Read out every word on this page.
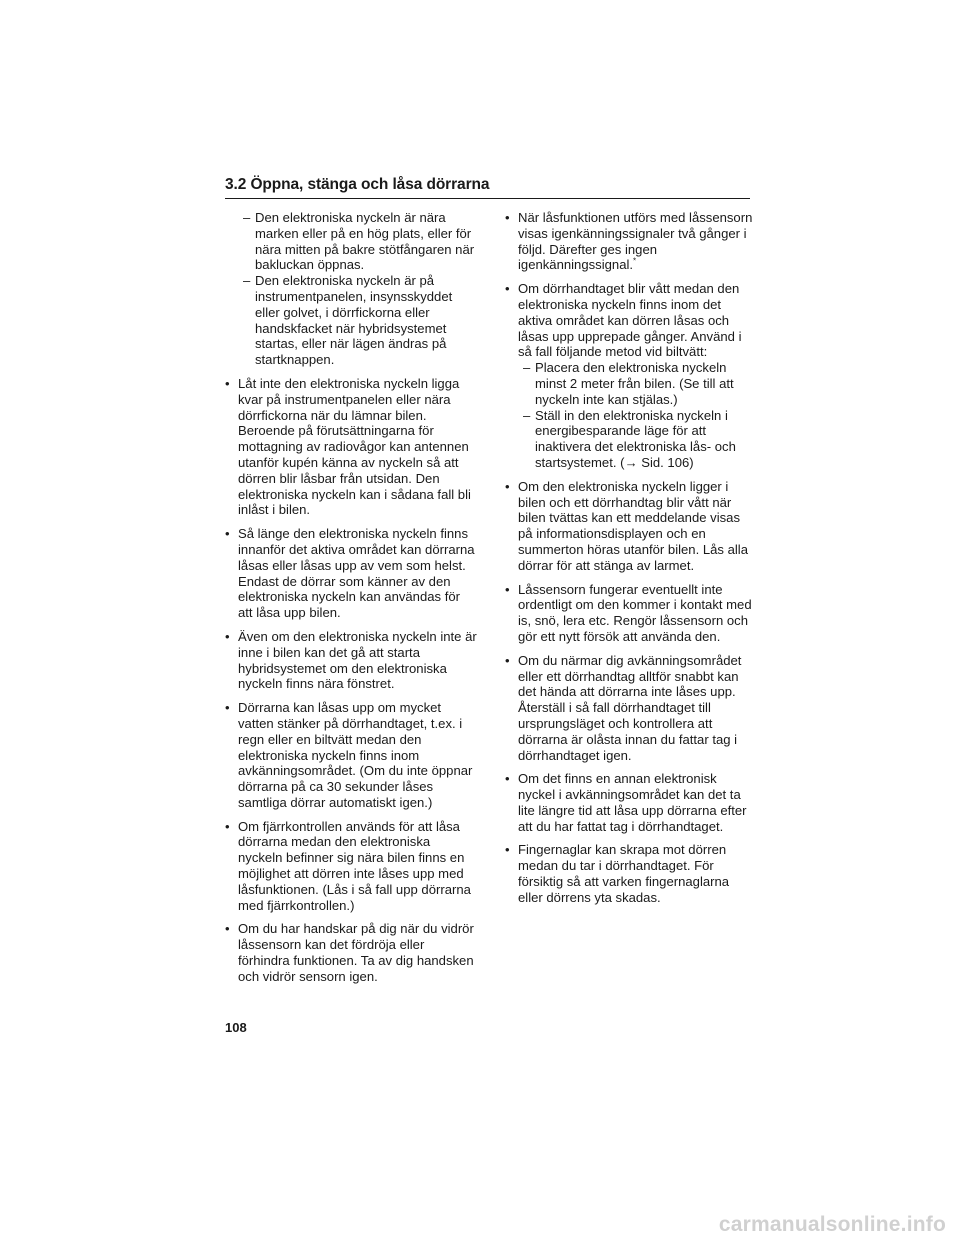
3.2 Öppna, stänga och låsa dörrarna
– Den elektroniska nyckeln är nära marken eller på en hög plats, eller för nära mitten på bakre stötfångaren när bakluckan öppnas.
– Den elektroniska nyckeln är på instrumentpanelen, insynsskyddet eller golvet, i dörrfickorna eller handskfacket när hybridsystemet startas, eller när lägen ändras på startknappen.
• Låt inte den elektroniska nyckeln ligga kvar på instrumentpanelen eller nära dörrfickorna när du lämnar bilen. Beroende på förutsättningarna för mottagning av radiovågor kan antennen utanför kupén känna av nyckeln så att dörren blir låsbar från utsidan. Den elektroniska nyckeln kan i sådana fall bli inlåst i bilen.
• Så länge den elektroniska nyckeln finns innanför det aktiva området kan dörrarna låsas eller låsas upp av vem som helst. Endast de dörrar som känner av den elektroniska nyckeln kan användas för att låsa upp bilen.
• Även om den elektroniska nyckeln inte är inne i bilen kan det gå att starta hybridsystemet om den elektroniska nyckeln finns nära fönstret.
• Dörrarna kan låsas upp om mycket vatten stänker på dörrhandtaget, t.ex. i regn eller en biltvätt medan den elektroniska nyckeln finns inom avkänningsområdet. (Om du inte öppnar dörrarna på ca 30 sekunder låses samtliga dörrar automatiskt igen.)
• Om fjärrkontrollen används för att låsa dörrarna medan den elektroniska nyckeln befinner sig nära bilen finns en möjlighet att dörren inte låses upp med låsfunktionen. (Lås i så fall upp dörrarna med fjärrkontrollen.)
• Om du har handskar på dig när du vidrör låssensorn kan det fördröja eller förhindra funktionen. Ta av dig handsken och vidrör sensorn igen.
• När låsfunktionen utförs med låssensorn visas igenkänningssignaler två gånger i följd. Därefter ges ingen igenkänningssignal.*
• Om dörrhandtaget blir vått medan den elektroniska nyckeln finns inom det aktiva området kan dörren låsas och låsas upp upprepade gånger. Använd i så fall följande metod vid biltvätt:
– Placera den elektroniska nyckeln minst 2 meter från bilen. (Se till att nyckeln inte kan stjälas.)
– Ställ in den elektroniska nyckeln i energibesparande läge för att inaktivera det elektroniska lås- och startsystemet. (→ Sid. 106)
• Om den elektroniska nyckeln ligger i bilen och ett dörrhandtag blir vått när bilen tvättas kan ett meddelande visas på informationsdisplayen och en summerton höras utanför bilen. Lås alla dörrar för att stänga av larmet.
• Låssensorn fungerar eventuellt inte ordentligt om den kommer i kontakt med is, snö, lera etc. Rengör låssensorn och gör ett nytt försök att använda den.
• Om du närmar dig avkänningsområdet eller ett dörrhandtag alltför snabbt kan det hända att dörrarna inte låses upp. Återställ i så fall dörrhandtaget till ursprungsläget och kontrollera att dörrarna är olåsta innan du fattar tag i dörrhandtaget igen.
• Om det finns en annan elektronisk nyckel i avkänningsområdet kan det ta lite längre tid att låsa upp dörrarna efter att du har fattat tag i dörrhandtaget.
• Fingernaglar kan skrapa mot dörren medan du tar i dörrhandtaget. För försiktig så att varken fingernaglarna eller dörrens yta skadas.
108
carmanualsonline.info
